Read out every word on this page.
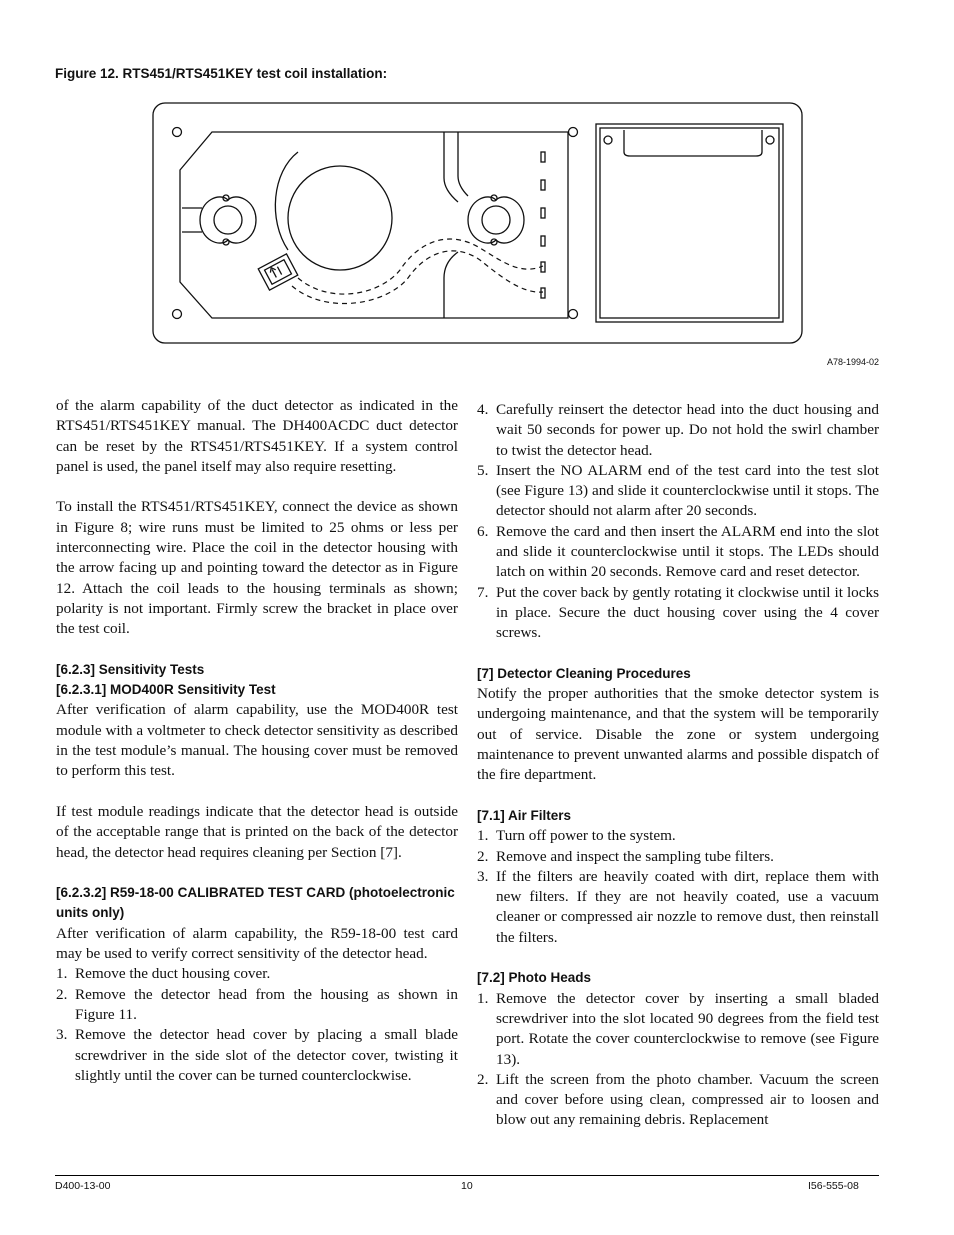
Figure 12. RTS451/RTS451KEY test coil installation:
A78-1994-02

of the alarm capability of the duct detector as indicated in the RTS451/RTS451KEY manual. The DH400ACDC duct detector can be reset by the RTS451/RTS451KEY. If a system control panel is used, the panel itself may also require resetting.

To install the RTS451/RTS451KEY, connect the device as shown in Figure 8; wire runs must be limited to 25 ohms or less per interconnecting wire. Place the coil in the detector housing with the arrow facing up and pointing toward the detector as in Figure 12. Attach the coil leads to the housing terminals as shown; polarity is not important. Firmly screw the bracket in place over the test coil.

[6.2.3] Sensitivity Tests
[6.2.3.1] MOD400R Sensitivity Test

After verification of alarm capability, use the MOD400R test module with a voltmeter to check detector sensitivity as described in the test module’s manual. The housing cover must be removed to perform this test.

If test module readings indicate that the detector head is outside of the acceptable range that is printed on the back of the detector head, the detector head requires cleaning per Section [7].

[6.2.3.2] R59-18-00 CALIBRATED TEST CARD (photoelectronic units only)

After verification of alarm capability, the R59-18-00 test card may be used to verify correct sensitivity of the detector head.

1. Remove the duct housing cover.
2. Remove the detector head from the housing as shown in Figure 11.
3. Remove the detector head cover by placing a small blade screwdriver in the side slot of the detector cover, twisting it slightly until the cover can be turned counterclockwise.
4. Carefully reinsert the detector head into the duct housing and wait 50 seconds for power up. Do not hold the swirl chamber to twist the detector head.
5. Insert the NO ALARM end of the test card into the test slot (see Figure 13) and slide it counterclockwise until it stops. The detector should not alarm after 20 seconds.
6. Remove the card and then insert the ALARM end into the slot and slide it counterclockwise until it stops. The LEDs should latch on within 20 seconds. Remove card and reset detector.
7. Put the cover back by gently rotating it clockwise until it locks in place. Secure the duct housing cover using the 4 cover screws.
[7] Detector Cleaning Procedures

Notify the proper authorities that the smoke detector system is undergoing maintenance, and that the system will be temporarily out of service. Disable the zone or system undergoing maintenance to prevent unwanted alarms and possible dispatch of the fire department.

[7.1] Air Filters
1. Turn off power to the system.
2. Remove and inspect the sampling tube filters.
3. If the filters are heavily coated with dirt, replace them with new filters. If they are not heavily coated, use a vacuum cleaner or compressed air nozzle to remove dust, then reinstall the filters.
[7.2] Photo Heads
1. Remove the detector cover by inserting a small bladed screwdriver into the slot located 90 degrees from the field test port. Rotate the cover counterclockwise to remove (see Figure 13).
2. Lift the screen from the photo chamber. Vacuum the screen and cover before using clean, compressed air to loosen and blow out any remaining debris. Replacement
D400-13-00	10	I56-555-08
